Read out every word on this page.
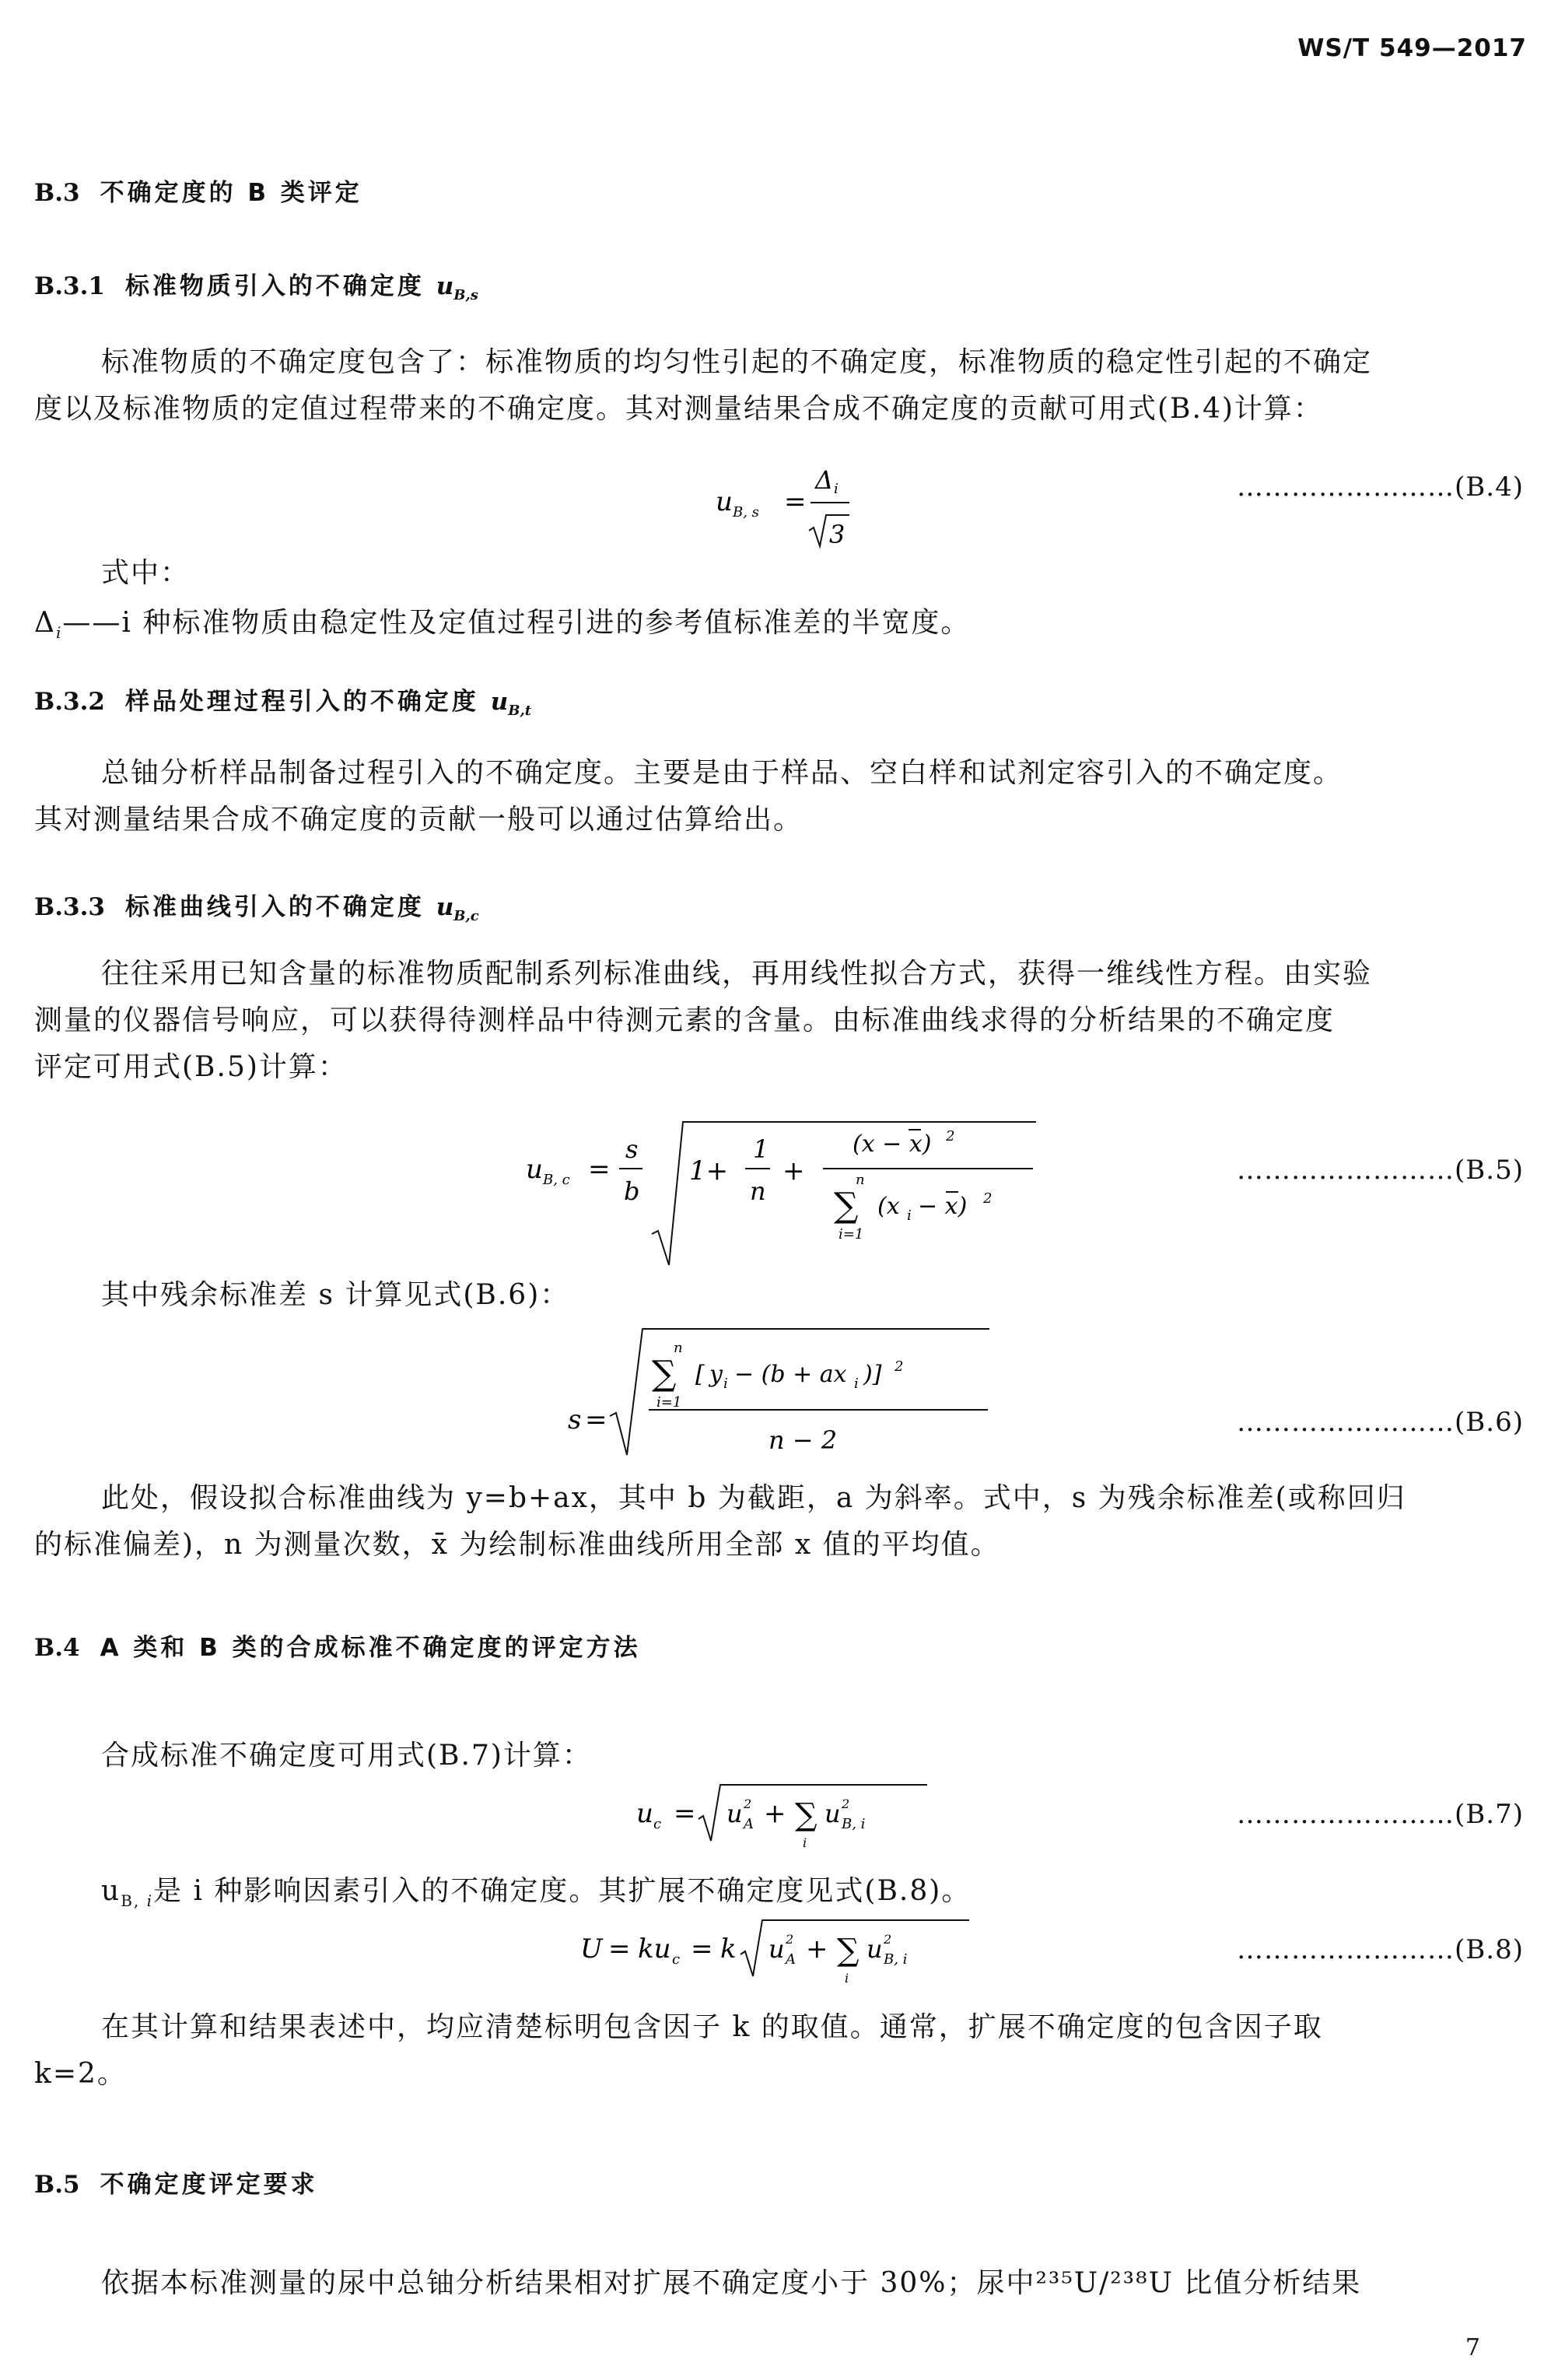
WS/T 549—2017
B.3 不确定度的 B 类评定
B.3.1 标准物质引入的不确定度 $u_{B,s}$

标准物质的不确定度包含了：标准物质的均匀性引起的不确定度，标准物质的稳定性引起的不确定

度以及标准物质的定值过程带来的不确定度。其对测量结果合成不确定度的贡献可用式(B.4)计算：

u B, s =
Δ i
3
……………………(B.4)
式中：
$\Delta_i——i$ 种标准物质由稳定性及定值过程引进的参考值标准差的半宽度。
B.3.2 样品处理过程引入的不确定度 $u_{B,t}$

总铀分析样品制备过程引入的不确定度。主要是由于样品、空白样和试剂定容引入的不确定度。

其对测量结果合成不确定度的贡献一般可以通过估算给出。

B.3.3 标准曲线引入的不确定度 $u_{B,c}$

往往采用已知含量的标准物质配制系列标准曲线，再用线性拟合方式，获得一维线性方程。由实验

测量的仪器信号响应，可以获得待测样品中待测元素的含量。由标准曲线求得的分析结果的不确定度

评定可用式(B.5)计算：

u B, c =
s
b
1+
1
n
+
(x − x) 2
n
∑
i=1
(x i − x) 2
……………………(B.5)
其中残余标准差 s 计算见式(B.6)：
s =
n
∑
i=1
[ y i − (b + ax i )] 2
n − 2
……………………(B.6)

此处，假设拟合标准曲线为 y=b+ax，其中 b 为截距，a 为斜率。式中，s 为残余标准差(或称回归

的标准偏差)，n 为测量次数，x̄ 为绘制标准曲线所用全部 x 值的平均值。

B.4 A 类和 B 类的合成标准不确定度的评定方法
合成标准不确定度可用式(B.7)计算：
u c = u 2
A + ∑
i
u 2
B, i	……………………(B.7)
$u_{B, i}$是 i 种影响因素引入的不确定度。其扩展不确定度见式(B.8)。
U = ku c = k u 2
A + ∑
i
u 2
B, i	……………………(B.8)

在其计算和结果表述中，均应清楚标明包含因子 k 的取值。通常，扩展不确定度的包含因子取

k=2。

B.5 不确定度评定要求
依据本标准测量的尿中总铀分析结果相对扩展不确定度小于 30%；尿中²³⁵U/²³⁸U 比值分析结果
7
